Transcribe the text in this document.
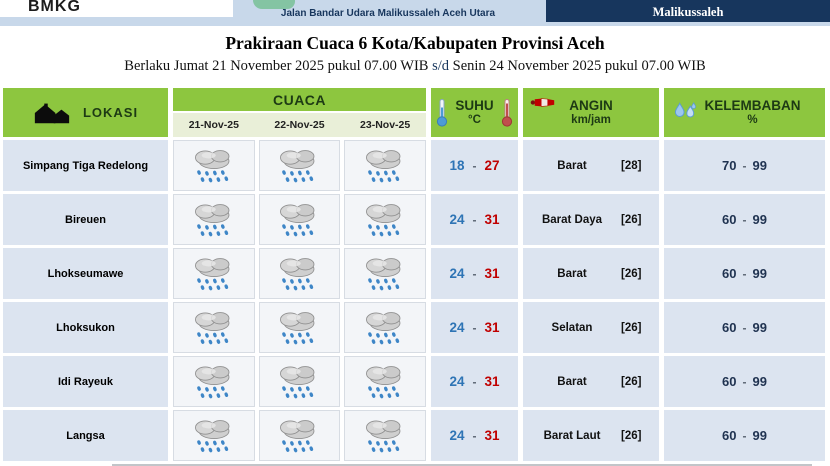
BMKG	Jalan Bandar Udara Malikussaleh Aceh Utara	Malikussaleh
Prakiraan Cuaca 6 Kota/Kabupaten Provinsi Aceh
Berlaku Jumat 21 November 2025 pukul 07.00 WIB s/d Senin 24 November 2025 pukul 07.00 WIB
LOKASI
CUACA
21-Nov-25	22-Nov-25	23-Nov-25
SUHU
°C
ANGIN
km/jam
KELEMBABAN
%
Simpang Tiga Redelong	18 - 27	Barat	[28]	70 - 99
Bireuen	24 - 31	Barat Daya	[26]	60 - 99
Lhokseumawe	24 - 31	Barat	[26]	60 - 99
Lhoksukon	24 - 31	Selatan	[26]	60 - 99
Idi Rayeuk	24 - 31	Barat	[26]	60 - 99
Langsa	24 - 31	Barat Laut	[26]	60 - 99
